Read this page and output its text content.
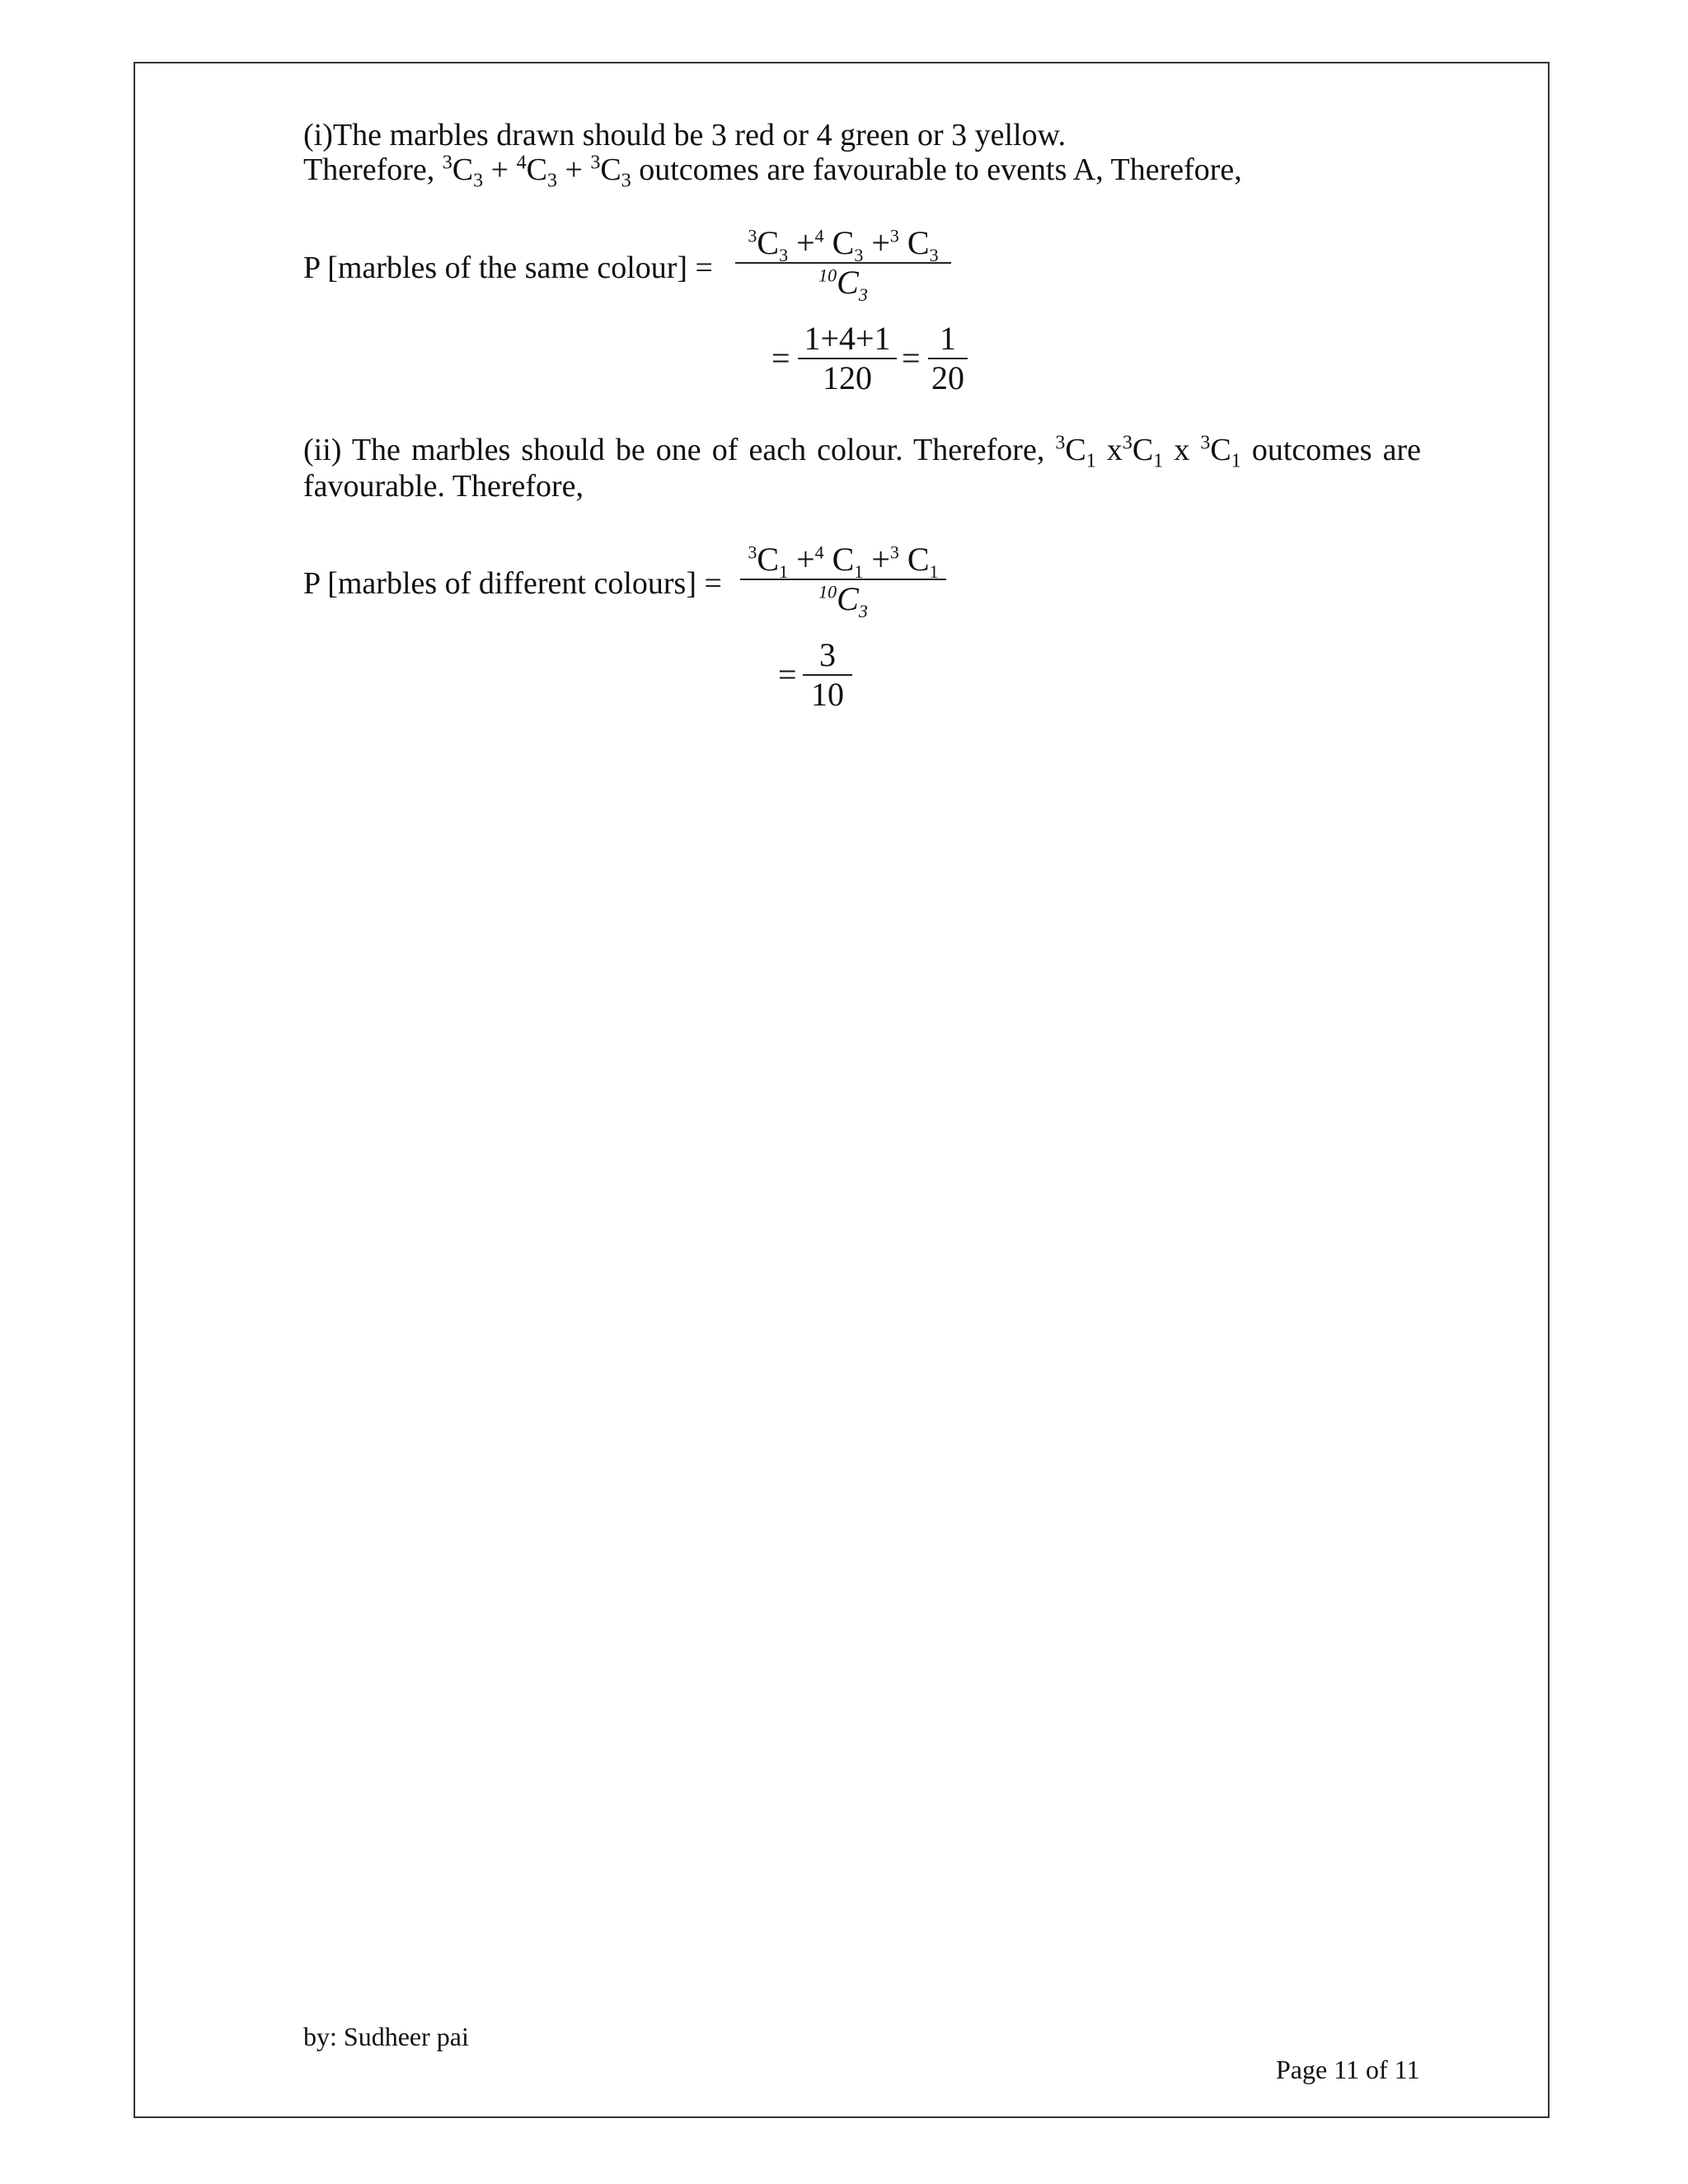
(i)The marbles drawn should be 3 red or 4 green or 3 yellow.
Therefore, $^3C_3 + ^4C_3 + ^3C_3$ outcomes are favourable to events A, Therefore,
P [marbles of the same colour] =
$^3C_3 +^4$ $C_3 +^3$ $C_3$
$^{10}C_3$
=
1+4+1
120
=
1
20
(ii) The marbles should be one of each colour. Therefore, $^3C_1$ $x^3C_1$ x $^3C_1$ outcomes are
favourable. Therefore,
P [marbles of different colours] =
$^3C_1 +^4$ $C_1 +^3$ $C_1$
$^{10}C_3$
=
3
10
by: Sudheer pai
Page 11 of 11
